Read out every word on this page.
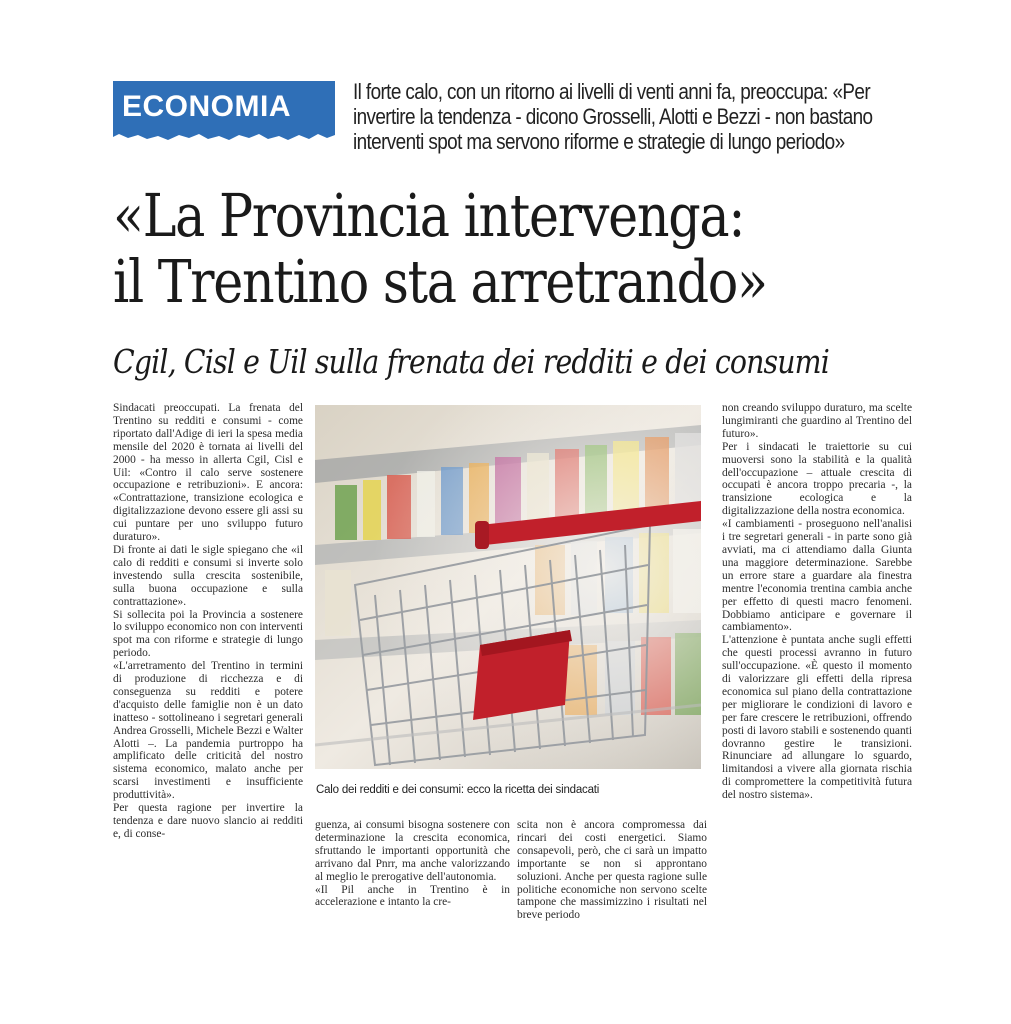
ECONOMIA	Il forte calo, con un ritorno ai livelli di venti anni fa, preoccupa: «Per
invertire la tendenza - dicono Grosselli, Alotti e Bezzi - non bastano
interventi spot ma servono riforme e strategie di lungo periodo»
«La Provincia intervenga:
il Trentino sta arretrando»
Cgil, Cisl e Uil sulla frenata dei redditi e dei consumi

Sindacati preoccupati. La frenata del Trentino su redditi e consumi - come riportato dall'Adige di ieri la spesa media mensile del 2020 è tornata ai livelli del 2000 - ha messo in allerta Cgil, Cisl e Uil: «Contro il calo serve sostenere occupazione e retribuzioni». E ancora: «Contrattazione, transizione ecologica e digitalizzazione devono essere gli assi su cui puntare per uno sviluppo futuro duraturo».

Di fronte ai dati le sigle spiegano che «il calo di redditi e consumi si inverte solo investendo sulla crescita sostenibile, sulla buona occupazione e sulla contrattazione».

Si sollecita poi la Provincia a sostenere lo sviluppo economico non con interventi spot ma con riforme e strategie di lungo periodo.

«L'arretramento del Trentino in termini di produzione di ricchezza e di conseguenza su redditi e potere d'acquisto delle famiglie non è un dato inatteso - sottolineano i segretari generali Andrea Grosselli, Michele Bezzi e Walter Alotti –. La pandemia purtroppo ha amplificato delle criticità del nostro sistema economico, malato anche per scarsi investimenti e insufficiente produttività».

Per questa ragione per invertire la tendenza e dare nuovo slancio ai redditi e, di conse-

Calo dei redditi e dei consumi: ecco la ricetta dei sindacati

guenza, ai consumi bisogna sostenere con determinazione la crescita economica, sfruttando le importanti opportunità che arrivano dal Pnrr, ma anche valorizzando al meglio le prerogative dell'autonomia.

«Il Pil anche in Trentino è in accelerazione e intanto la cre-

scita non è ancora compromessa dai rincari dei costi energetici. Siamo consapevoli, però, che ci sarà un impatto importante se non si approntano soluzioni. Anche per questa ragione sulle politiche economiche non servono scelte tampone che massimizzino i risultati nel breve periodo

non creando sviluppo duraturo, ma scelte lungimiranti che guardino al Trentino del futuro».

Per i sindacati le traiettorie su cui muoversi sono la stabilità e la qualità dell'occupazione – attuale crescita di occupati è ancora troppo precaria -, la transizione ecologica e la digitalizzazione della nostra economica.

«I cambiamenti - proseguono nell'analisi i tre segretari generali - in parte sono già avviati, ma ci attendiamo dalla Giunta una maggiore determinazione. Sarebbe un errore stare a guardare ala finestra mentre l'economia trentina cambia anche per effetto di questi macro fenomeni. Dobbiamo anticipare e governare il cambiamento».

L'attenzione è puntata anche sugli effetti che questi processi avranno in futuro sull'occupazione. «È questo il momento di valorizzare gli effetti della ripresa economica sul piano della contrattazione per migliorare le condizioni di lavoro e per fare crescere le retribuzioni, offrendo posti di lavoro stabili e sostenendo quanti dovranno gestire le transizioni. Rinunciare ad allungare lo sguardo, limitandosi a vivere alla giornata rischia di compromettere la competitività futura del nostro sistema».
